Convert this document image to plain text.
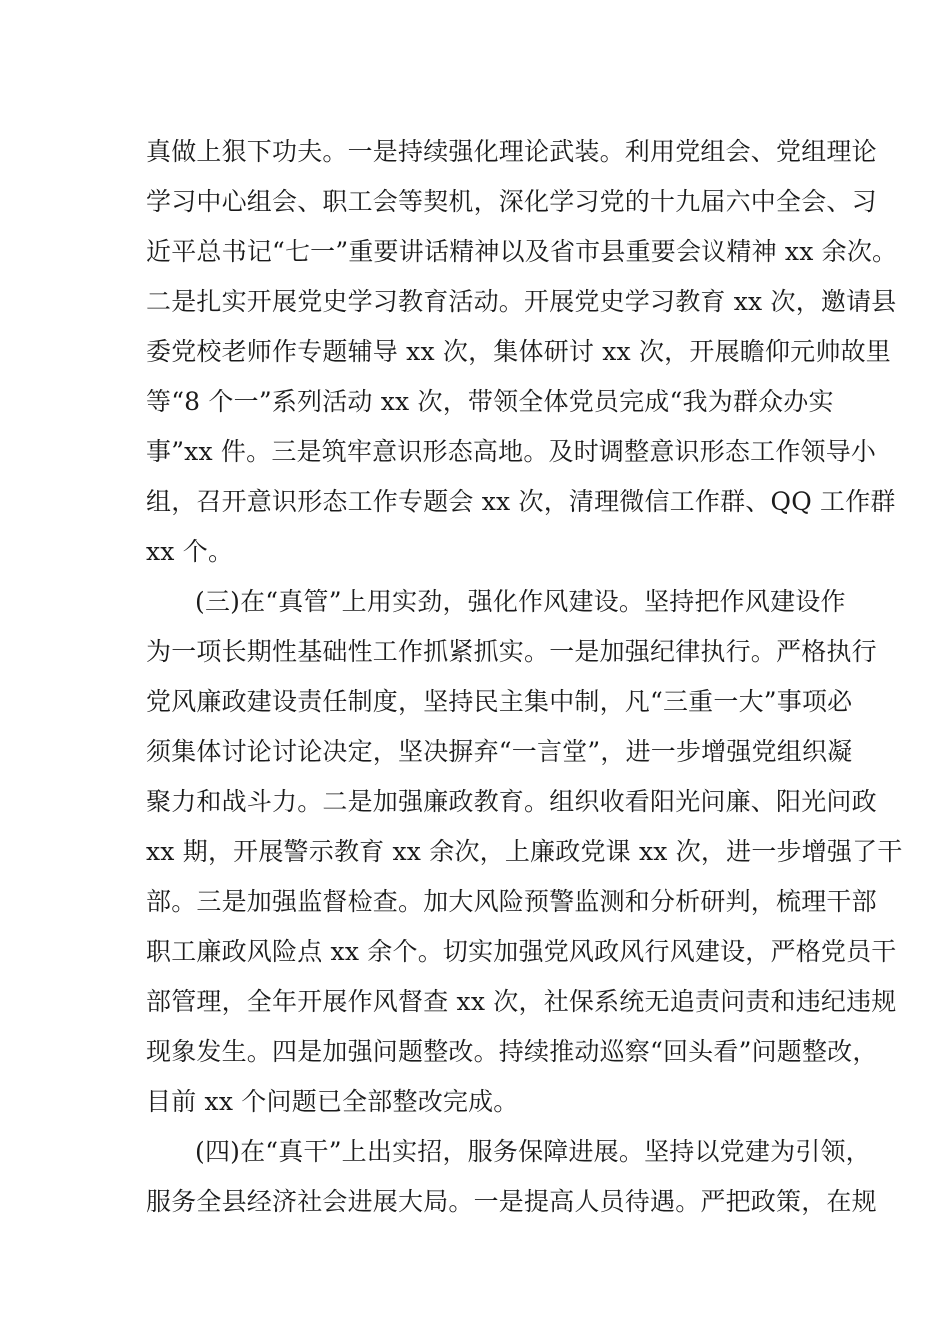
真做上狠下功夫。一是持续强化理论武装。利用党组会、党组理论
学习中心组会、职工会等契机，深化学习党的十九届六中全会、习
近平总书记“七一”重要讲话精神以及省市县重要会议精神 xx 余次。
二是扎实开展党史学习教育活动。开展党史学习教育 xx 次，邀请县
委党校老师作专题辅导 xx 次，集体研讨 xx 次，开展瞻仰元帅故里
等“8 个一”系列活动 xx 次，带领全体党员完成“我为群众办实
事”xx 件。三是筑牢意识形态高地。及时调整意识形态工作领导小
组，召开意识形态工作专题会 xx 次，清理微信工作群、QQ 工作群
xx 个。
(三)在“真管”上用实劲，强化作风建设。坚持把作风建设作
为一项长期性基础性工作抓紧抓实。一是加强纪律执行。严格执行
党风廉政建设责任制度，坚持民主集中制，凡“三重一大”事项必
须集体讨论讨论决定，坚决摒弃“一言堂”，进一步增强党组织凝
聚力和战斗力。二是加强廉政教育。组织收看阳光问廉、阳光问政
xx 期，开展警示教育 xx 余次，上廉政党课 xx 次，进一步增强了干
部。三是加强监督检查。加大风险预警监测和分析研判，梳理干部
职工廉政风险点 xx 余个。切实加强党风政风行风建设，严格党员干
部管理，全年开展作风督查 xx 次，社保系统无追责问责和违纪违规
现象发生。四是加强问题整改。持续推动巡察“回头看”问题整改，
目前 xx 个问题已全部整改完成。
(四)在“真干”上出实招，服务保障进展。坚持以党建为引领，
服务全县经济社会进展大局。一是提高人员待遇。严把政策，在规
